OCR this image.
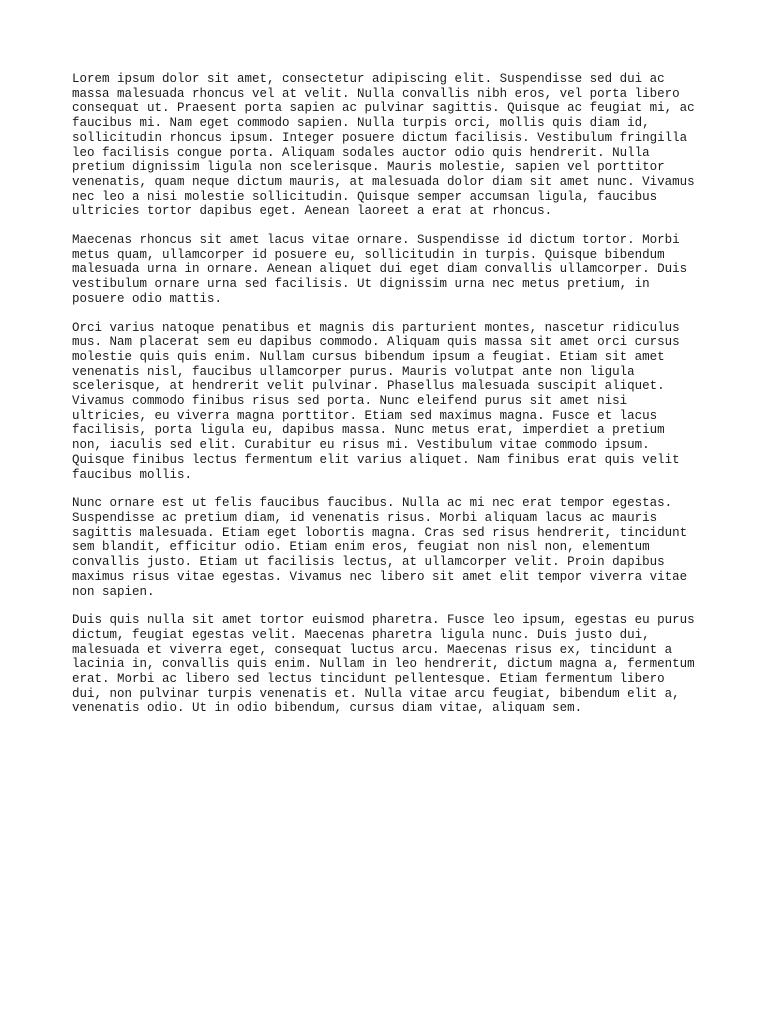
Lorem ipsum dolor sit amet, consectetur adipiscing elit. Suspendisse sed dui ac
massa malesuada rhoncus vel at velit. Nulla convallis nibh eros, vel porta libero
consequat ut. Praesent porta sapien ac pulvinar sagittis. Quisque ac feugiat mi, ac
faucibus mi. Nam eget commodo sapien. Nulla turpis orci, mollis quis diam id,
sollicitudin rhoncus ipsum. Integer posuere dictum facilisis. Vestibulum fringilla
leo facilisis congue porta. Aliquam sodales auctor odio quis hendrerit. Nulla
pretium dignissim ligula non scelerisque. Mauris molestie, sapien vel porttitor
venenatis, quam neque dictum mauris, at malesuada dolor diam sit amet nunc. Vivamus
nec leo a nisi molestie sollicitudin. Quisque semper accumsan ligula, faucibus
ultricies tortor dapibus eget. Aenean laoreet a erat at rhoncus.

Maecenas rhoncus sit amet lacus vitae ornare. Suspendisse id dictum tortor. Morbi
metus quam, ullamcorper id posuere eu, sollicitudin in turpis. Quisque bibendum
malesuada urna in ornare. Aenean aliquet dui eget diam convallis ullamcorper. Duis
vestibulum ornare urna sed facilisis. Ut dignissim urna nec metus pretium, in
posuere odio mattis.

Orci varius natoque penatibus et magnis dis parturient montes, nascetur ridiculus
mus. Nam placerat sem eu dapibus commodo. Aliquam quis massa sit amet orci cursus
molestie quis quis enim. Nullam cursus bibendum ipsum a feugiat. Etiam sit amet
venenatis nisl, faucibus ullamcorper purus. Mauris volutpat ante non ligula
scelerisque, at hendrerit velit pulvinar. Phasellus malesuada suscipit aliquet.
Vivamus commodo finibus risus sed porta. Nunc eleifend purus sit amet nisi
ultricies, eu viverra magna porttitor. Etiam sed maximus magna. Fusce et lacus
facilisis, porta ligula eu, dapibus massa. Nunc metus erat, imperdiet a pretium
non, iaculis sed elit. Curabitur eu risus mi. Vestibulum vitae commodo ipsum.
Quisque finibus lectus fermentum elit varius aliquet. Nam finibus erat quis velit
faucibus mollis.

Nunc ornare est ut felis faucibus faucibus. Nulla ac mi nec erat tempor egestas.
Suspendisse ac pretium diam, id venenatis risus. Morbi aliquam lacus ac mauris
sagittis malesuada. Etiam eget lobortis magna. Cras sed risus hendrerit, tincidunt
sem blandit, efficitur odio. Etiam enim eros, feugiat non nisl non, elementum
convallis justo. Etiam ut facilisis lectus, at ullamcorper velit. Proin dapibus
maximus risus vitae egestas. Vivamus nec libero sit amet elit tempor viverra vitae
non sapien.

Duis quis nulla sit amet tortor euismod pharetra. Fusce leo ipsum, egestas eu purus
dictum, feugiat egestas velit. Maecenas pharetra ligula nunc. Duis justo dui,
malesuada et viverra eget, consequat luctus arcu. Maecenas risus ex, tincidunt a
lacinia in, convallis quis enim. Nullam in leo hendrerit, dictum magna a, fermentum
erat. Morbi ac libero sed lectus tincidunt pellentesque. Etiam fermentum libero
dui, non pulvinar turpis venenatis et. Nulla vitae arcu feugiat, bibendum elit a,
venenatis odio. Ut in odio bibendum, cursus diam vitae, aliquam sem.
